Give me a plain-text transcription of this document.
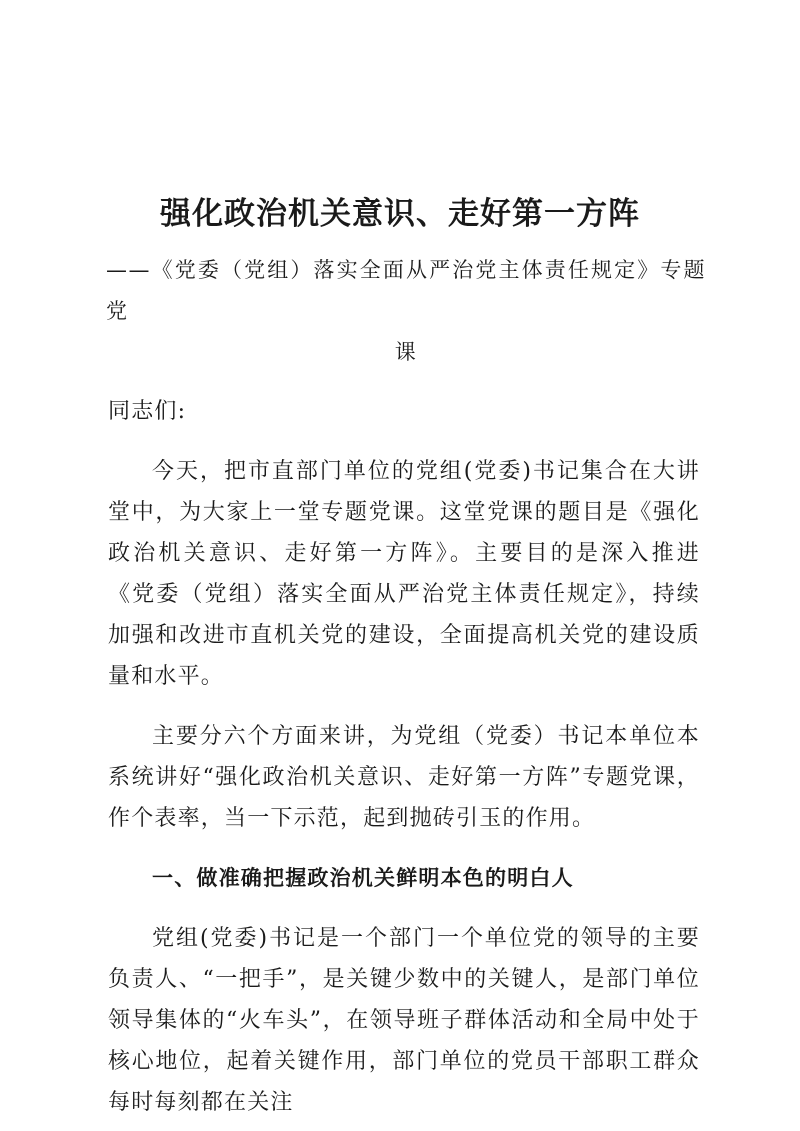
强化政治机关意识、走好第一方阵
——《党委（党组）落实全面从严治党主体责任规定》专题党
课

同志们:

今天，把市直部门单位的党组(党委)书记集合在大讲堂中，为大家上一堂专题党课。这堂党课的题目是《强化政治机关意识、走好第一方阵》。主要目的是深入推进《党委（党组）落实全面从严治党主体责任规定》，持续加强和改进市直机关党的建设，全面提高机关党的建设质量和水平。

主要分六个方面来讲，为党组（党委）书记本单位本系统讲好“强化政治机关意识、走好第一方阵”专题党课，作个表率，当一下示范，起到抛砖引玉的作用。

一、做准确把握政治机关鲜明本色的明白人

党组(党委)书记是一个部门一个单位党的领导的主要负责人、“一把手”，是关键少数中的关键人，是部门单位领导集体的“火车头”，在领导班子群体活动和全局中处于核心地位，起着关键作用，部门单位的党员干部职工群众每时每刻都在关注
